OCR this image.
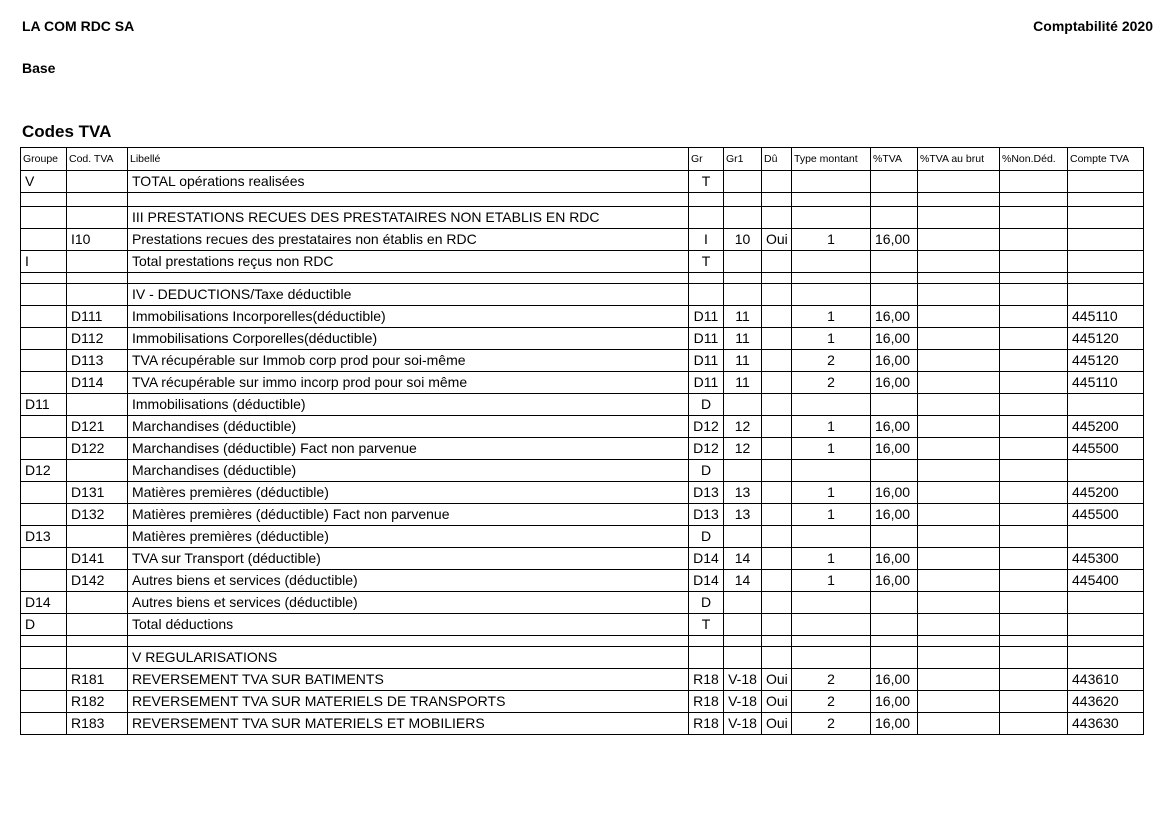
LA COM RDC SA	Comptabilité 2020
Base
Codes TVA
Groupe	Cod. TVA	Libellé	Gr	Gr1	Dû	Type montant	%TVA	%TVA au brut	%Non.Déd.	Compte TVA
V		TOTAL opérations realisées	T							

		III PRESTATIONS RECUES DES PRESTATAIRES NON ETABLIS EN RDC								
	I10	Prestations recues des prestataires non établis en RDC	I	10	Oui	1	16,00			
I		Total prestations reçus non RDC	T							

		IV - DEDUCTIONS/Taxe déductible								
	D111	Immobilisations Incorporelles(déductible)	D11	11		1	16,00			445110
	D112	Immobilisations Corporelles(déductible)	D11	11		1	16,00			445120
	D113	TVA récupérable sur Immob corp prod pour soi-même	D11	11		2	16,00			445120
	D114	TVA récupérable sur immo incorp prod pour soi même	D11	11		2	16,00			445110
D11		Immobilisations (déductible)	D							
	D121	Marchandises (déductible)	D12	12		1	16,00			445200
	D122	Marchandises (déductible) Fact non parvenue	D12	12		1	16,00			445500
D12		Marchandises (déductible)	D							
	D131	Matières premières (déductible)	D13	13		1	16,00			445200
	D132	Matières premières (déductible) Fact non parvenue	D13	13		1	16,00			445500
D13		Matières premières (déductible)	D							
	D141	TVA sur Transport (déductible)	D14	14		1	16,00			445300
	D142	Autres biens et services (déductible)	D14	14		1	16,00			445400
D14		Autres biens et services (déductible)	D							
D		Total déductions	T							

		V REGULARISATIONS								
	R181	REVERSEMENT TVA SUR BATIMENTS	R18	V-18	Oui	2	16,00			443610
	R182	REVERSEMENT TVA SUR MATERIELS DE TRANSPORTS	R18	V-18	Oui	2	16,00			443620
	R183	REVERSEMENT TVA SUR MATERIELS ET MOBILIERS	R18	V-18	Oui	2	16,00			443630
